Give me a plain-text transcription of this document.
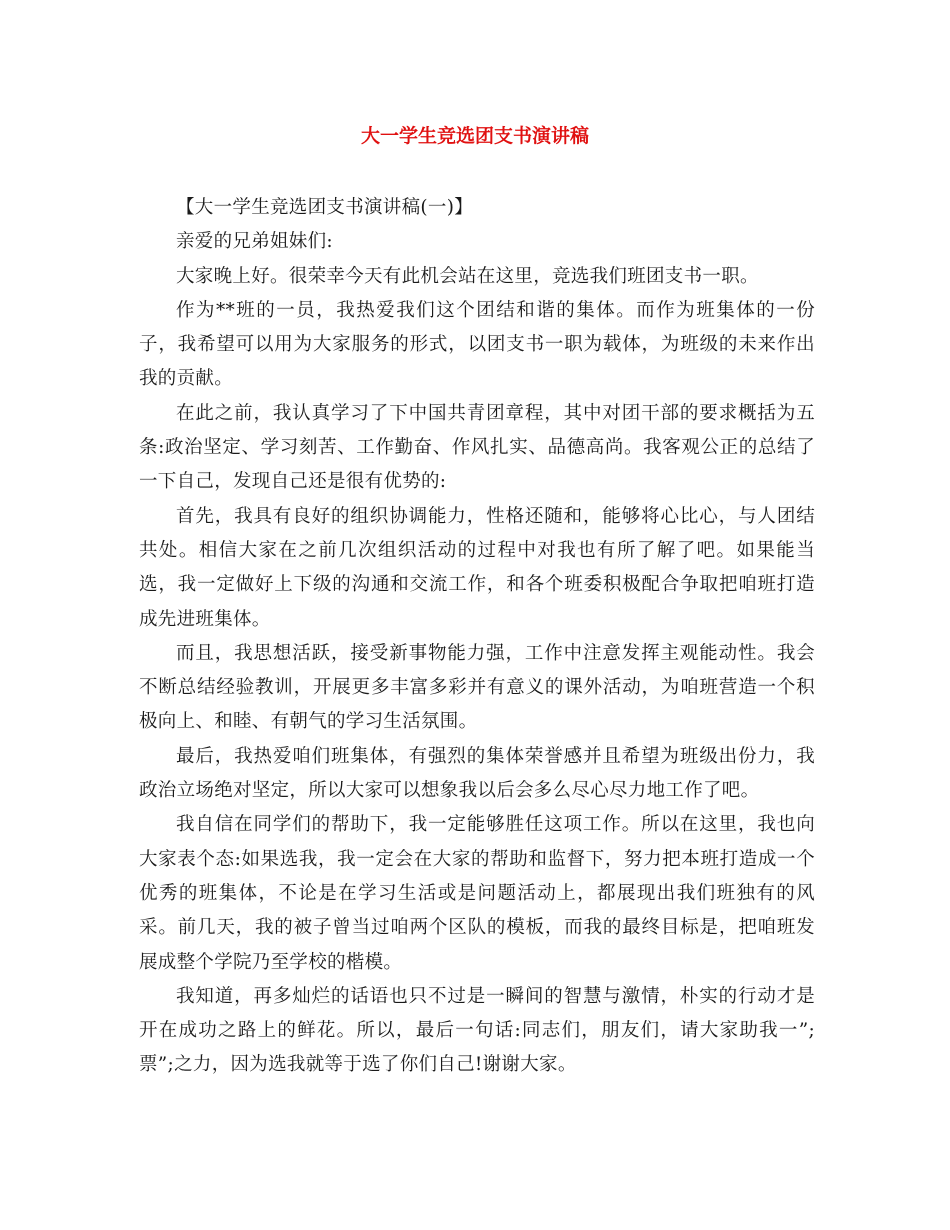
大一学生竞选团支书演讲稿

【大一学生竞选团支书演讲稿(一)】

亲爱的兄弟姐妹们:

大家晚上好。很荣幸今天有此机会站在这里，竞选我们班团支书一职。

作为**班的一员，我热爱我们这个团结和谐的集体。而作为班集体的一份子，我希望可以用为大家服务的形式，以团支书一职为载体，为班级的未来作出我的贡献。

在此之前，我认真学习了下中国共青团章程，其中对团干部的要求概括为五条:政治坚定、学习刻苦、工作勤奋、作风扎实、品德高尚。我客观公正的总结了一下自己，发现自己还是很有优势的:

首先，我具有良好的组织协调能力，性格还随和，能够将心比心，与人团结共处。相信大家在之前几次组织活动的过程中对我也有所了解了吧。如果能当选，我一定做好上下级的沟通和交流工作，和各个班委积极配合争取把咱班打造成先进班集体。

而且，我思想活跃，接受新事物能力强，工作中注意发挥主观能动性。我会不断总结经验教训，开展更多丰富多彩并有意义的课外活动，为咱班营造一个积极向上、和睦、有朝气的学习生活氛围。

最后，我热爱咱们班集体，有强烈的集体荣誉感并且希望为班级出份力，我政治立场绝对坚定，所以大家可以想象我以后会多么尽心尽力地工作了吧。

我自信在同学们的帮助下，我一定能够胜任这项工作。所以在这里，我也向大家表个态:如果选我，我一定会在大家的帮助和监督下，努力把本班打造成一个优秀的班集体，不论是在学习生活或是问题活动上，都展现出我们班独有的风采。前几天，我的被子曾当过咱两个区队的模板，而我的最终目标是，把咱班发展成整个学院乃至学校的楷模。

我知道，再多灿烂的话语也只不过是一瞬间的智慧与激情，朴实的行动才是开在成功之路上的鲜花。所以，最后一句话:同志们，朋友们，请大家助我一”;票”;之力，因为选我就等于选了你们自己!谢谢大家。
